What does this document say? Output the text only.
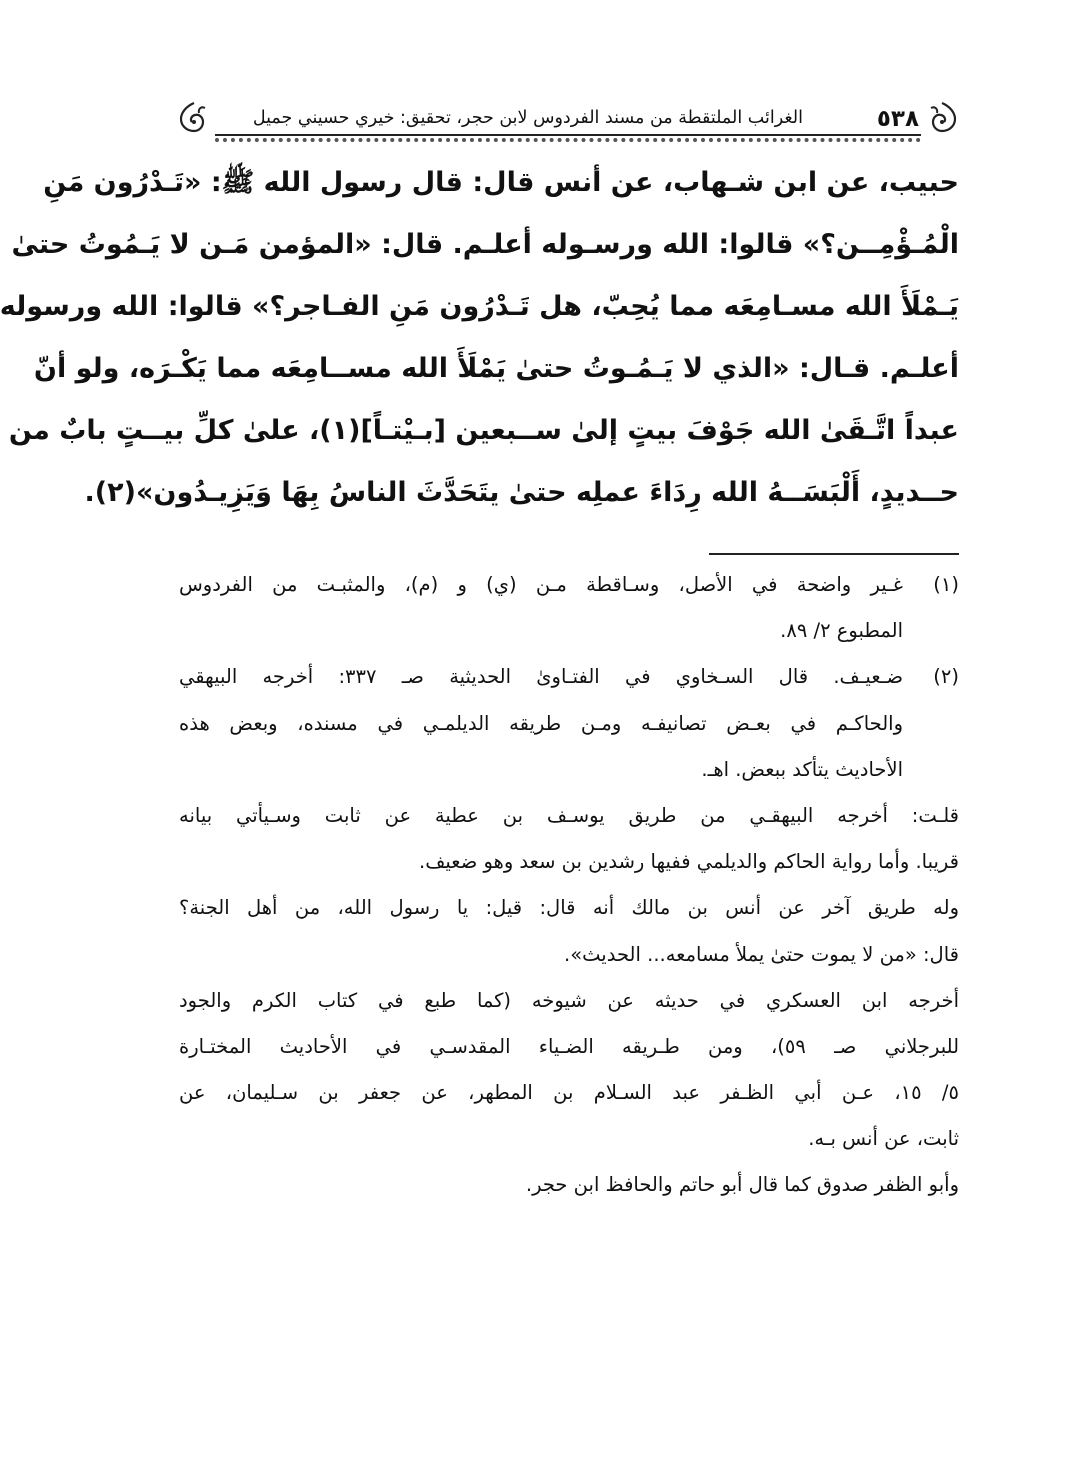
٥٣٨
الغرائب الملتقطة من مسند الفردوس لابن حجر، تحقيق: خيري حسيني جميل
حبيب، عن ابن شـهاب، عن أنس قال: قال رسول الله ﷺ: «تَـدْرُون مَنِ
الْمُـؤْمِــن؟» قالوا: الله ورسـوله أعلـم. قال: «المؤمن مَـن لا يَـمُوتُ حتىٰ
يَـمْلَأَ الله مسـامِعَه مما يُحِبّ، هل تَـدْرُون مَنِ الفـاجر؟» قالوا: الله ورسوله
أعلـم. قـال: «الذي لا يَـمُـوتُ حتىٰ يَمْلَأَ الله مســامِعَه مما يَكْـرَه، ولو أنّ
عبداً اتَّـقَىٰ الله جَوْفَ بيتٍ إلىٰ ســبعين [بـيْتـاً](١)، علىٰ كلِّ بيــتٍ بابٌ من
حــديدٍ، أَلْبَسَــهُ الله رِدَاءَ عملِه حتىٰ يتَحَدَّثَ الناسُ بِهَا وَيَزِيـدُون»(٢).
(١)
غـير واضحة في الأصل، وسـاقطة مـن (ي) و (م)، والمثبـت من الفردوس
المطبوع ٢/ ٨٩.
(٢)
ضـعيـف. قال السـخاوي في الفتـاوىٰ الحديثية صـ ٣٣٧: أخرجه البيهقي
والحاكـم في بعـض تصانيفـه ومـن طريقه الديلمـي في مسنده، وبعض هذه
الأحاديث يتأكد ببعض. اهـ.
قلـت: أخرجه البيهقـي من طريق يوسـف بن عطية عن ثابت وسـيأتي بيانه
قريبا. وأما رواية الحاكم والديلمي ففيها رشدين بن سعد وهو ضعيف.
وله طريق آخر عن أنس بن مالك أنه قال: قيل: يا رسول الله، من أهل الجنة؟
قال: «من لا يموت حتىٰ يملأ مسامعه... الحديث».
أخرجه ابن العسكري في حديثه عن شيوخه (كما طبع في كتاب الكرم والجود
للبرجلاني صـ ٥٩)، ومن طـريقه الضـياء المقدسـي في الأحاديث المختـارة
٥/ ١٥، عـن أبي الظـفر عبد السـلام بن المطهر، عن جعفر بن سـليمان، عن
ثابت، عن أنس بـه.
وأبو الظفر صدوق كما قال أبو حاتم والحافظ ابن حجر.
